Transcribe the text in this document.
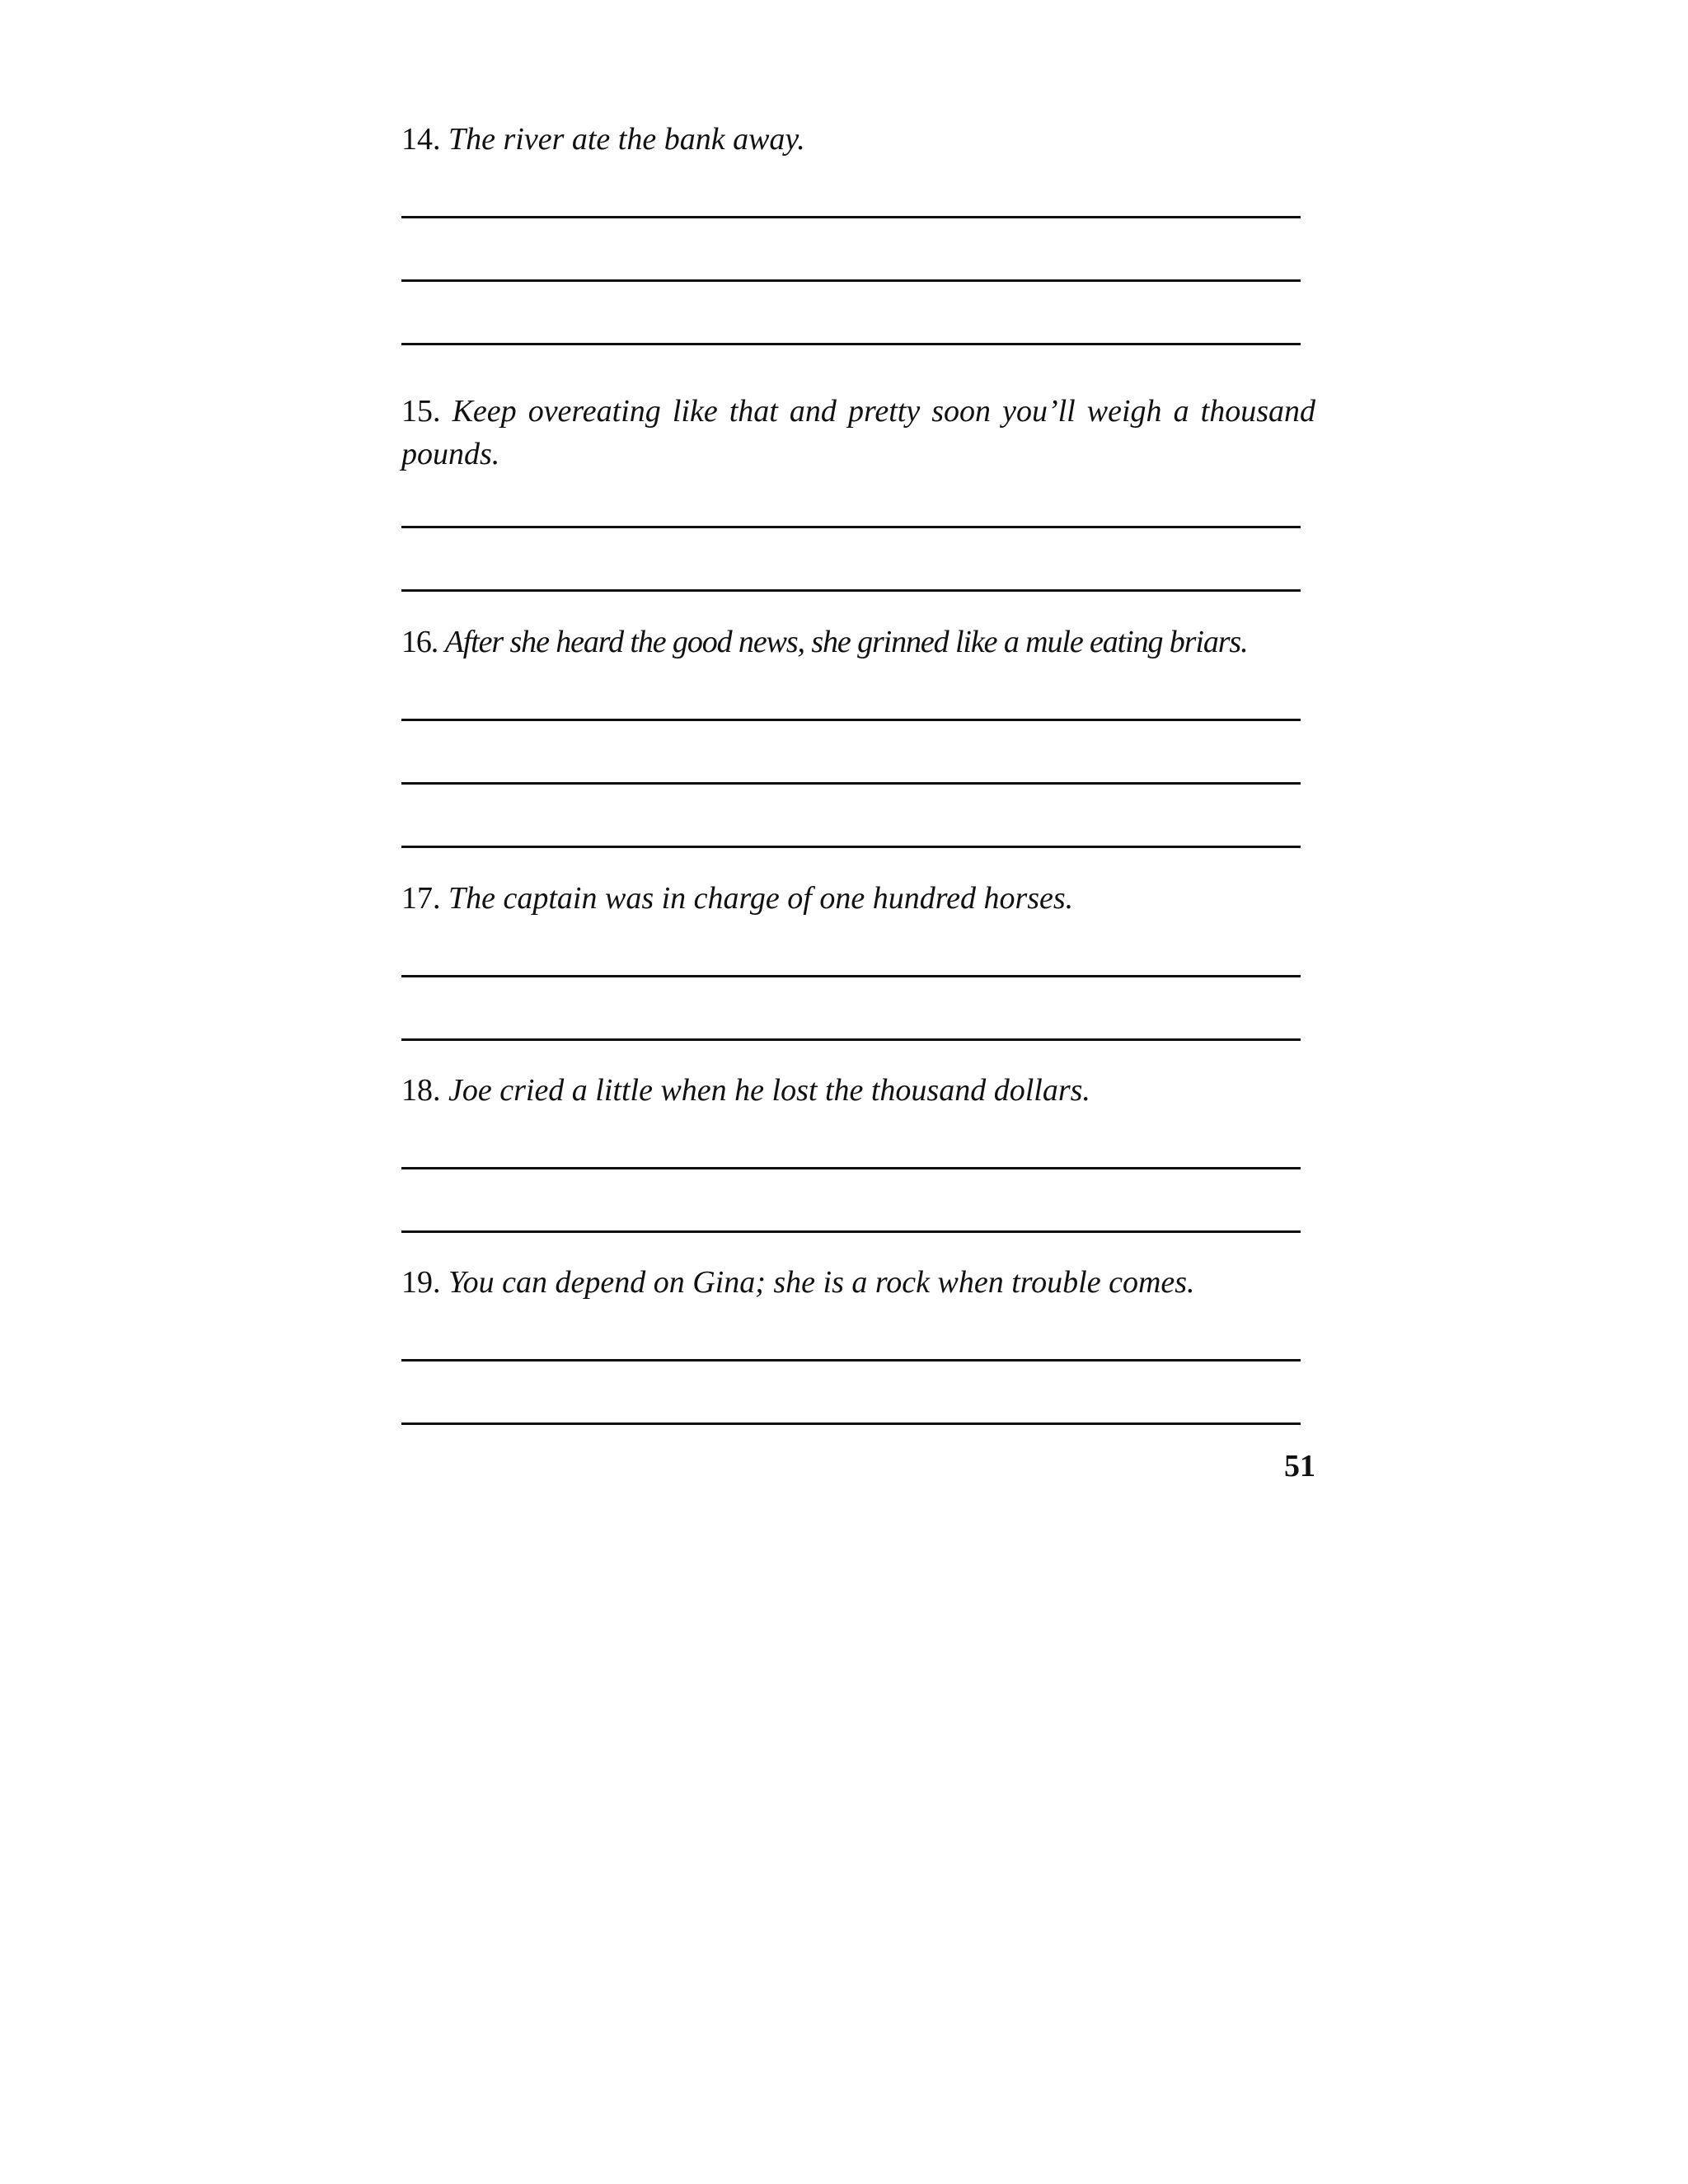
14. The river ate the bank away.

15. Keep overeating like that and pretty soon you’ll weigh a thousand pounds.

16. After she heard the good news, she grinned like a mule eating briars.

17. The captain was in charge of one hundred horses.

18. Joe cried a little when he lost the thousand dollars.

19. You can depend on Gina; she is a rock when trouble comes.

51
